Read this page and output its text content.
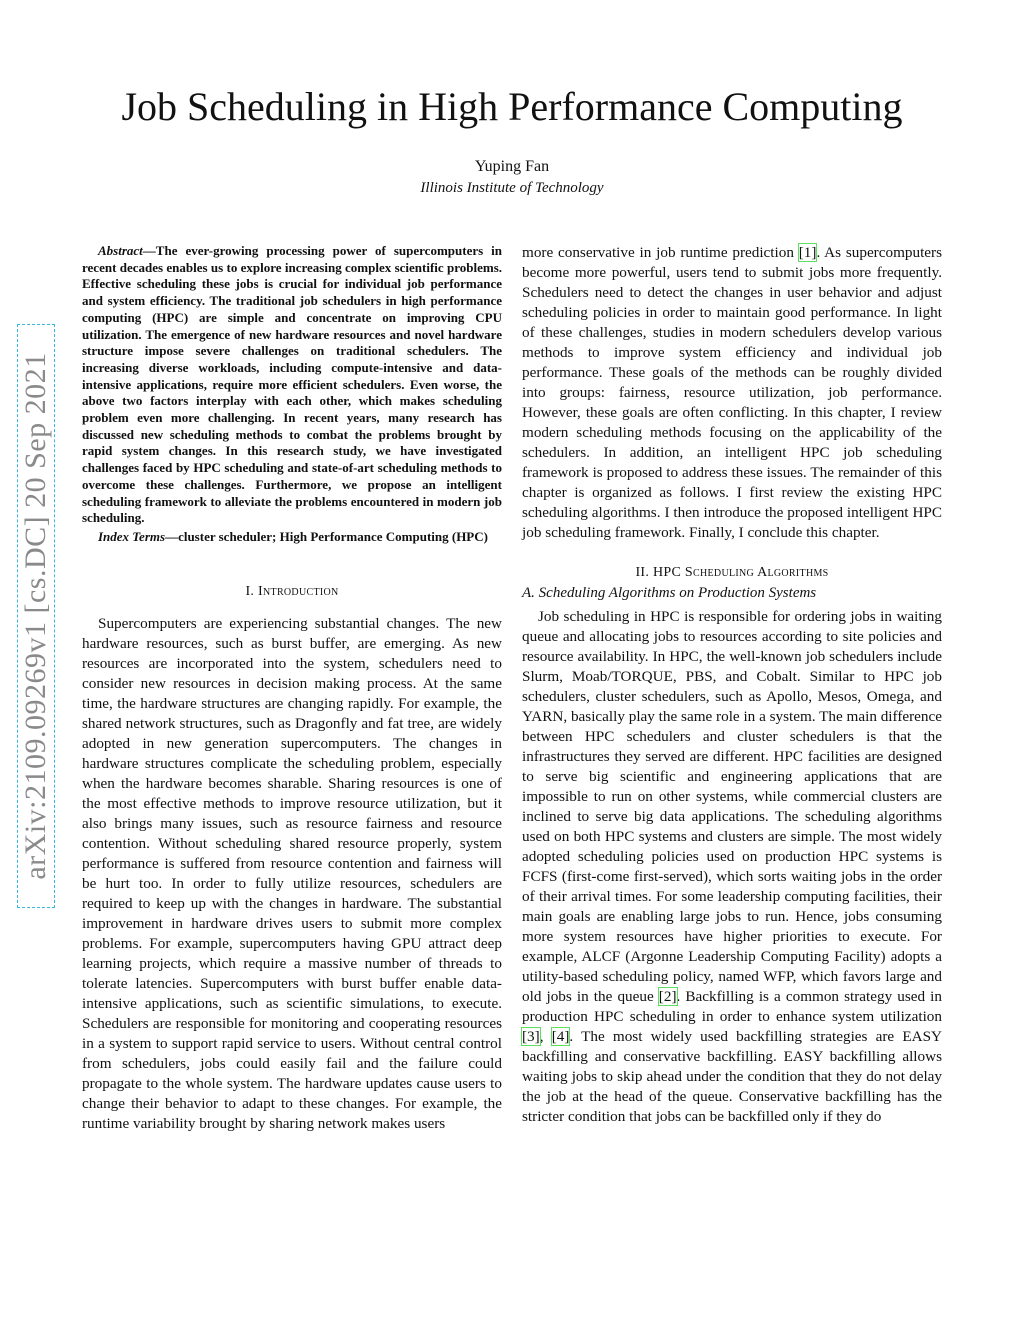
arXiv:2109.09269v1 [cs.DC] 20 Sep 2021
Job Scheduling in High Performance Computing
Yuping Fan
Illinois Institute of Technology

Abstract—The ever-growing processing power of supercomputers in recent decades enables us to explore increasing complex scientific problems. Effective scheduling these jobs is crucial for individual job performance and system efficiency. The traditional job schedulers in high performance computing (HPC) are simple and concentrate on improving CPU utilization. The emergence of new hardware resources and novel hardware structure impose severe challenges on traditional schedulers. The increasing diverse workloads, including compute-intensive and data- intensive applications, require more efficient schedulers. Even worse, the above two factors interplay with each other, which makes scheduling problem even more challenging. In recent years, many research has discussed new scheduling methods to combat the problems brought by rapid system changes. In this research study, we have investigated challenges faced by HPC scheduling and state-of-art scheduling methods to overcome these challenges. Furthermore, we propose an intelligent scheduling framework to alleviate the problems encountered in modern job scheduling.

Index Terms—cluster scheduler; High Performance Computing (HPC)

I. Introduction

Supercomputers are experiencing substantial changes. The new hardware resources, such as burst buffer, are emerging. As new resources are incorporated into the system, schedulers need to consider new resources in decision making process. At the same time, the hardware structures are changing rapidly. For example, the shared network structures, such as Dragonfly and fat tree, are widely adopted in new generation supercomputers. The changes in hardware structures complicate the scheduling problem, especially when the hardware becomes sharable. Sharing resources is one of the most effective methods to improve resource utilization, but it also brings many issues, such as resource fairness and resource contention. Without scheduling shared resource properly, system performance is suffered from resource contention and fairness will be hurt too. In order to fully utilize resources, schedulers are required to keep up with the changes in hardware. The substantial improvement in hardware drives users to submit more complex problems. For example, supercomputers having GPU attract deep learning projects, which require a massive number of threads to tolerate latencies. Supercomputers with burst buffer enable data-intensive applications, such as scientific simulations, to execute. Schedulers are responsible for monitoring and cooperating resources in a system to support rapid service to users. Without central control from schedulers, jobs could easily fail and the failure could propagate to the whole system. The hardware updates cause users to change their behavior to adapt to these changes. For example, the runtime variability brought by sharing network makes users

more conservative in job runtime prediction [1]. As supercomputers become more powerful, users tend to submit jobs more frequently. Schedulers need to detect the changes in user behavior and adjust scheduling policies in order to maintain good performance. In light of these challenges, studies in modern schedulers develop various methods to improve system efficiency and individual job performance. These goals of the methods can be roughly divided into groups: fairness, resource utilization, job performance. However, these goals are often conflicting. In this chapter, I review modern scheduling methods focusing on the applicability of the schedulers. In addition, an intelligent HPC job scheduling framework is proposed to address these issues. The remainder of this chapter is organized as follows. I first review the existing HPC scheduling algorithms. I then introduce the proposed intelligent HPC job scheduling framework. Finally, I conclude this chapter.

II. HPC Scheduling Algorithms
A. Scheduling Algorithms on Production Systems

Job scheduling in HPC is responsible for ordering jobs in waiting queue and allocating jobs to resources according to site policies and resource availability. In HPC, the well-known job schedulers include Slurm, Moab/TORQUE, PBS, and Cobalt. Similar to HPC job schedulers, cluster schedulers, such as Apollo, Mesos, Omega, and YARN, basically play the same role in a system. The main difference between HPC schedulers and cluster schedulers is that the infrastructures they served are different. HPC facilities are designed to serve big scientific and engineering applications that are impossible to run on other systems, while commercial clusters are inclined to serve big data applications. The scheduling algorithms used on both HPC systems and clusters are simple. The most widely adopted scheduling policies used on production HPC systems is FCFS (first-come first-served), which sorts waiting jobs in the order of their arrival times. For some leadership computing facilities, their main goals are enabling large jobs to run. Hence, jobs consuming more system resources have higher priorities to execute. For example, ALCF (Argonne Leadership Computing Facility) adopts a utility-based scheduling policy, named WFP, which favors large and old jobs in the queue [2]. Backfilling is a common strategy used in production HPC scheduling in order to enhance system utilization [3], [4]. The most widely used backfilling strategies are EASY backfilling and conservative backfilling. EASY backfilling allows waiting jobs to skip ahead under the condition that they do not delay the job at the head of the queue. Conservative backfilling has the stricter condition that jobs can be backfilled only if they do
